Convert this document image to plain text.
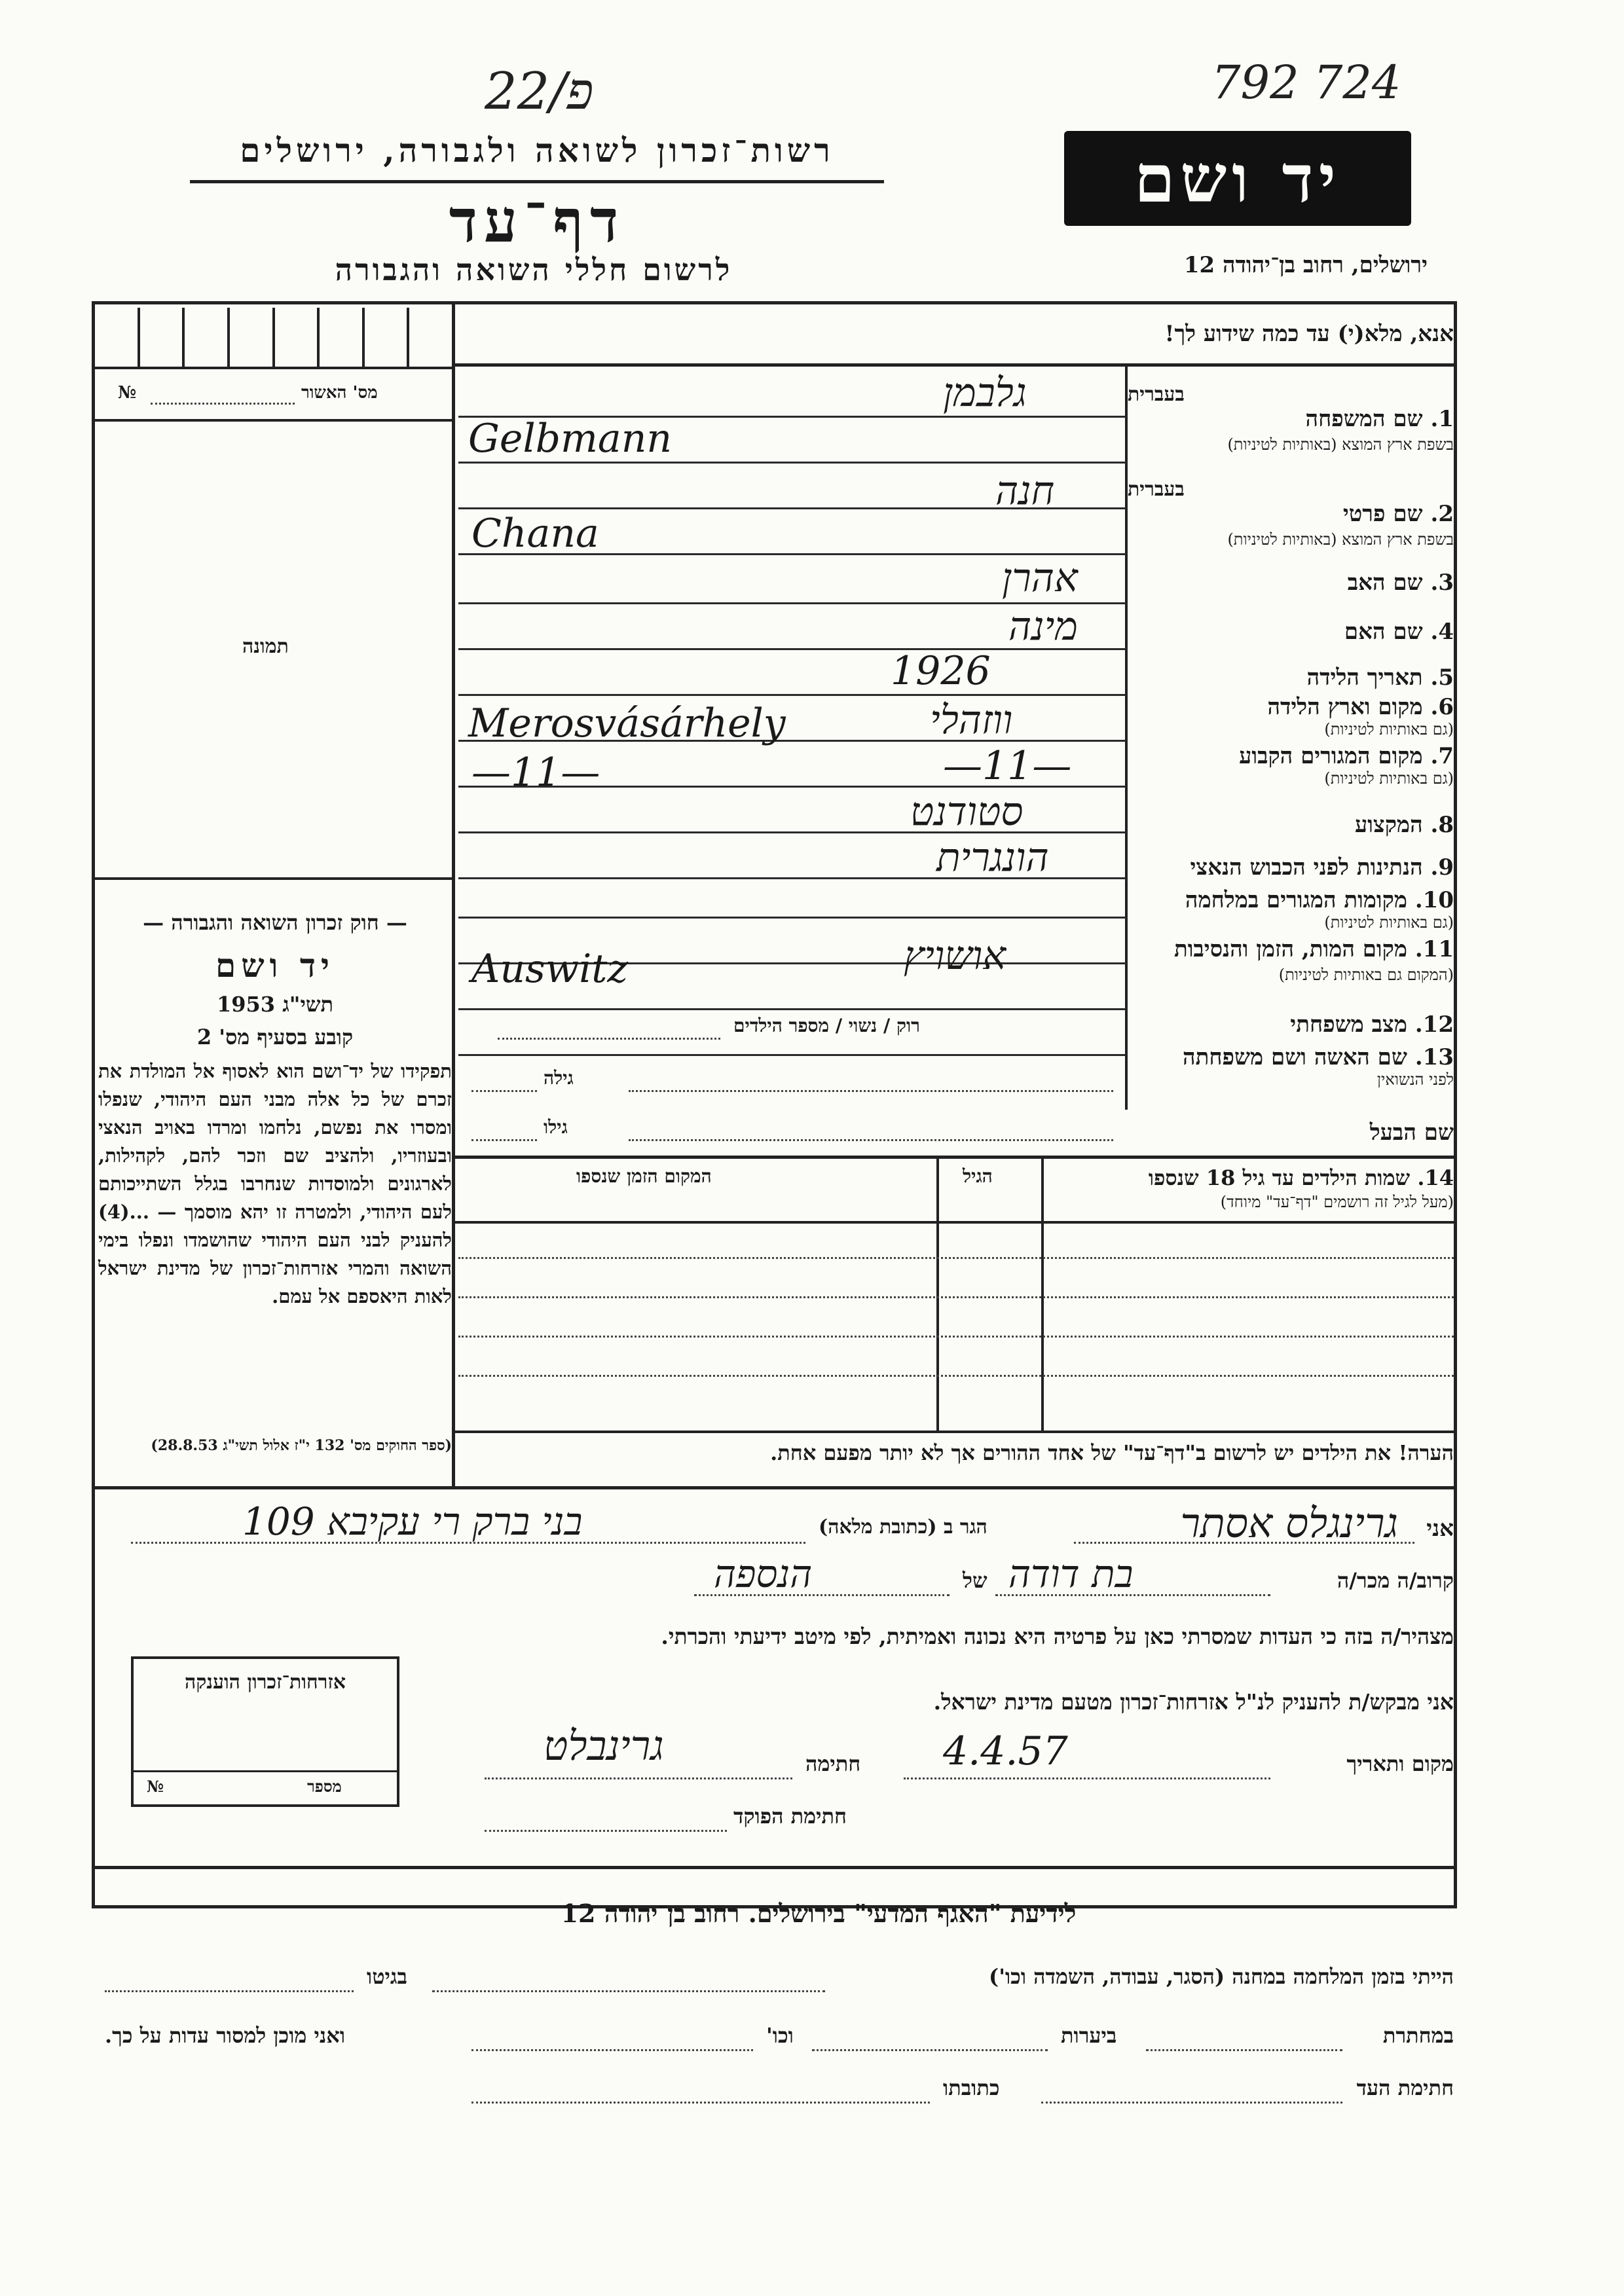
22/פ	792 724
רשות־זכרון לשואה ולגבורה, ירושלים
דף־עד
לרשום חללי השואה והגבורה
יד ושם
ירושלים, רחוב בן־יהודה 12
מס' האשור
№
תמונה
אנא, מלא(י) עד כמה שידוע לך!
בעברית
1. שם המשפחה
בשפת ארץ המוצא (באותיות לטיניות)
גלבמן
Gelbmann
בעברית
2. שם פרטי
בשפת ארץ המוצא (באותיות לטיניות)
חנה
Chana
3. שם האב
אהרן
4. שם האם
מינה
5. תאריך הלידה
1926
6. מקום וארץ הלידה
(גם באותיות לטיניות)
ווזהלי
Merosvásárhely
7. מקום המגורים הקבוע
(גם באותיות לטיניות)
—11—
—11—
8. המקצוע
סטודנט
9. הנתינות לפני הכבוש הנאצי
הונגרית
10. מקומות המגורים במלחמה
(גם באותיות לטיניות)
11. מקום המות, הזמן והנסיבות
(המקום גם באותיות לטיניות)
אושויץ
Auswitz
12. מצב משפחתי
רוק / נשוי / מספר הילדים
13. שם האשה ושם משפחתה
לפני הנשואין
גילה
שם הבעל
גילו
14. שמות הילדים עד גיל 18 שנספו
(מעל לגיל זה רושמים "דף־עד" מיוחד)
הגיל
המקום הזמן שנספו
הערה! את הילדים יש לרשום ב"דף־עד" של אחד ההורים אך לא יותר מפעם אחת.
— חוק זכרון השואה והגבורה —
יד ושם
תשי"ג 1953
קובע בסעיף מס' 2
תפקידו של יד־ושם הוא לאסוף אל המולדת את זכרם של כל אלה מבני העם היהודי, שנפלו ומסרו את נפשם, נלחמו ומרדו באויב הנאצי ובעוזריו, ולהציב שם וזכר להם, לקהילות, לארגונים ולמוסדות שנחרבו בגלל השתייכותם לעם היהודי, ולמטרה זו יהא מוסמך — ...(4) להעניק לבני העם היהודי שהושמדו ונפלו בימי השואה והמרי אזרחות־זכרון של מדינת ישראל לאות היאספם אל עמם.
(ספר החוקים מס' 132 י"ז אלול תשי"ג 28.8.53)
אני
גרינגלס אסתר
הגר ב (כתובת מלאה)
בני ברק רי עקיבא 109
קרוב/ה מכר/ה
בת דודה
של
הנספה
מצהיר/ה בזה כי העדות שמסרתי כאן על פרטיה היא נכונה ואמיתית, לפי מיטב ידיעתי והכרתי.
אני מבקש/ת להעניק לנ"ל אזרחות־זכרון מטעם מדינת ישראל.
מקום ותאריך
4.4.57
חתימה
גרינבלט
חתימת הפוקד
אזרחות־זכרון הוענקה
מספר
№
לידיעת "האגף המדעי" בירושלים. רחוב בן־יהודה 12
הייתי בזמן המלחמה במחנה (הסגר, עבודה, השמדה וכו')
בגיטו
במחתרת
ביערות
וכו'
ואני מוכן למסור עדות על כך.
חתימת העד
כתובתו
